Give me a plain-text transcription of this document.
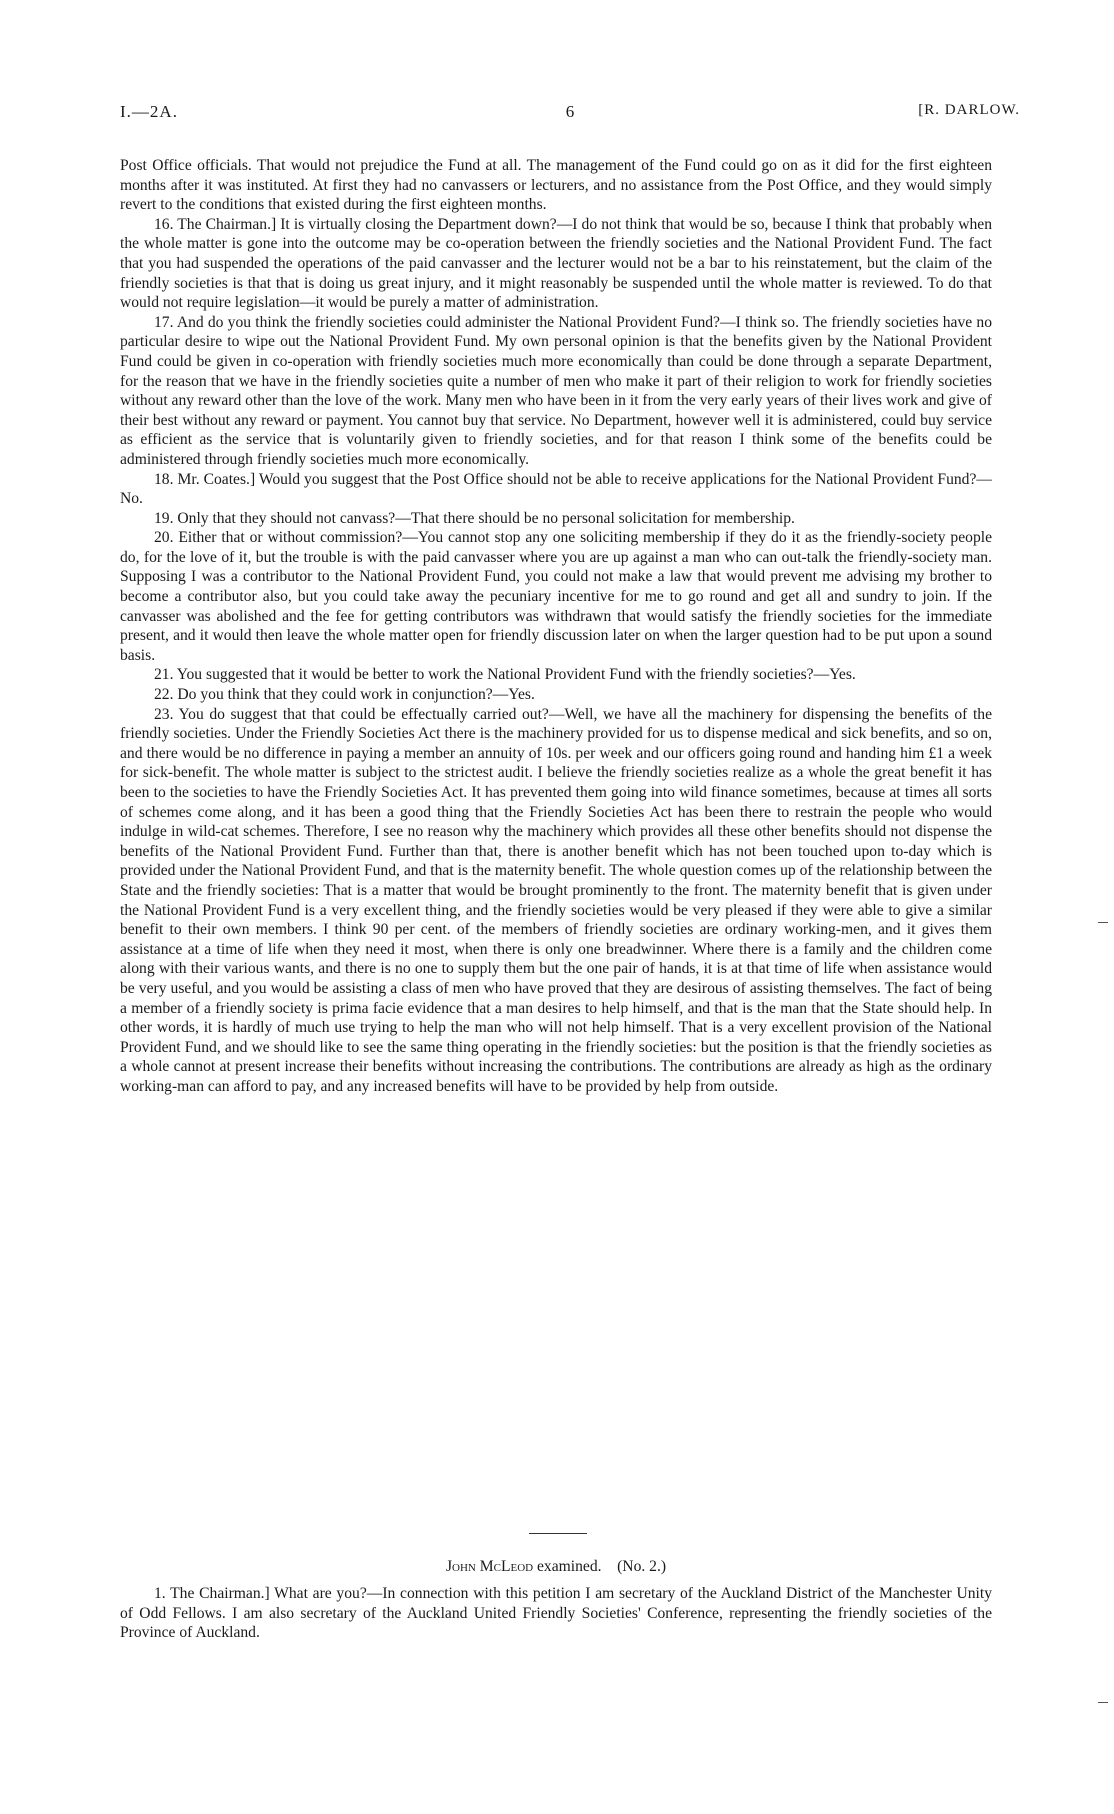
I.—2A.	6	[R. DARLOW.

Post Office officials. That would not prejudice the Fund at all. The management of the Fund could go on as it did for the first eighteen months after it was instituted. At first they had no canvassers or lecturers, and no assistance from the Post Office, and they would simply revert to the conditions that existed during the first eighteen months.

16. The Chairman.] It is virtually closing the Department down?—I do not think that would be so, because I think that probably when the whole matter is gone into the outcome may be co-operation between the friendly societies and the National Provident Fund. The fact that you had suspended the operations of the paid canvasser and the lecturer would not be a bar to his reinstatement, but the claim of the friendly societies is that that is doing us great injury, and it might reasonably be suspended until the whole matter is reviewed. To do that would not require legislation—it would be purely a matter of administration.

17. And do you think the friendly societies could administer the National Provident Fund?—I think so. The friendly societies have no particular desire to wipe out the National Provident Fund. My own personal opinion is that the benefits given by the National Provident Fund could be given in co-operation with friendly societies much more economically than could be done through a separate Department, for the reason that we have in the friendly societies quite a number of men who make it part of their religion to work for friendly societies without any reward other than the love of the work. Many men who have been in it from the very early years of their lives work and give of their best without any reward or payment. You cannot buy that service. No Department, however well it is administered, could buy service as efficient as the service that is voluntarily given to friendly societies, and for that reason I think some of the benefits could be administered through friendly societies much more economically.

18. Mr. Coates.] Would you suggest that the Post Office should not be able to receive applications for the National Provident Fund?—No.

19. Only that they should not canvass?—That there should be no personal solicitation for membership.

20. Either that or without commission?—You cannot stop any one soliciting membership if they do it as the friendly-society people do, for the love of it, but the trouble is with the paid canvasser where you are up against a man who can out-talk the friendly-society man. Supposing I was a contributor to the National Provident Fund, you could not make a law that would prevent me advising my brother to become a contributor also, but you could take away the pecuniary incentive for me to go round and get all and sundry to join. If the canvasser was abolished and the fee for getting contributors was withdrawn that would satisfy the friendly societies for the immediate present, and it would then leave the whole matter open for friendly discussion later on when the larger question had to be put upon a sound basis.

21. You suggested that it would be better to work the National Provident Fund with the friendly societies?—Yes.

22. Do you think that they could work in conjunction?—Yes.

23. You do suggest that that could be effectually carried out?—Well, we have all the machinery for dispensing the benefits of the friendly societies. Under the Friendly Societies Act there is the machinery provided for us to dispense medical and sick benefits, and so on, and there would be no difference in paying a member an annuity of 10s. per week and our officers going round and handing him £1 a week for sick-benefit. The whole matter is subject to the strictest audit. I believe the friendly societies realize as a whole the great benefit it has been to the societies to have the Friendly Societies Act. It has prevented them going into wild finance sometimes, because at times all sorts of schemes come along, and it has been a good thing that the Friendly Societies Act has been there to restrain the people who would indulge in wild-cat schemes. Therefore, I see no reason why the machinery which provides all these other benefits should not dispense the benefits of the National Provident Fund. Further than that, there is another benefit which has not been touched upon to-day which is provided under the National Provident Fund, and that is the maternity benefit. The whole question comes up of the relationship between the State and the friendly societies: That is a matter that would be brought prominently to the front. The maternity benefit that is given under the National Provident Fund is a very excellent thing, and the friendly societies would be very pleased if they were able to give a similar benefit to their own members. I think 90 per cent. of the members of friendly societies are ordinary working-men, and it gives them assistance at a time of life when they need it most, when there is only one breadwinner. Where there is a family and the children come along with their various wants, and there is no one to supply them but the one pair of hands, it is at that time of life when assistance would be very useful, and you would be assisting a class of men who have proved that they are desirous of assisting themselves. The fact of being a member of a friendly society is prima facie evidence that a man desires to help himself, and that is the man that the State should help. In other words, it is hardly of much use trying to help the man who will not help himself. That is a very excellent provision of the National Provident Fund, and we should like to see the same thing operating in the friendly societies: but the position is that the friendly societies as a whole cannot at present increase their benefits without increasing the contributions. The contributions are already as high as the ordinary working-man can afford to pay, and any increased benefits will have to be provided by help from outside.

John McLeod examined. (No. 2.)

1. The Chairman.] What are you?—In connection with this petition I am secretary of the Auckland District of the Manchester Unity of Odd Fellows. I am also secretary of the Auckland United Friendly Societies' Conference, representing the friendly societies of the Province of Auckland.
